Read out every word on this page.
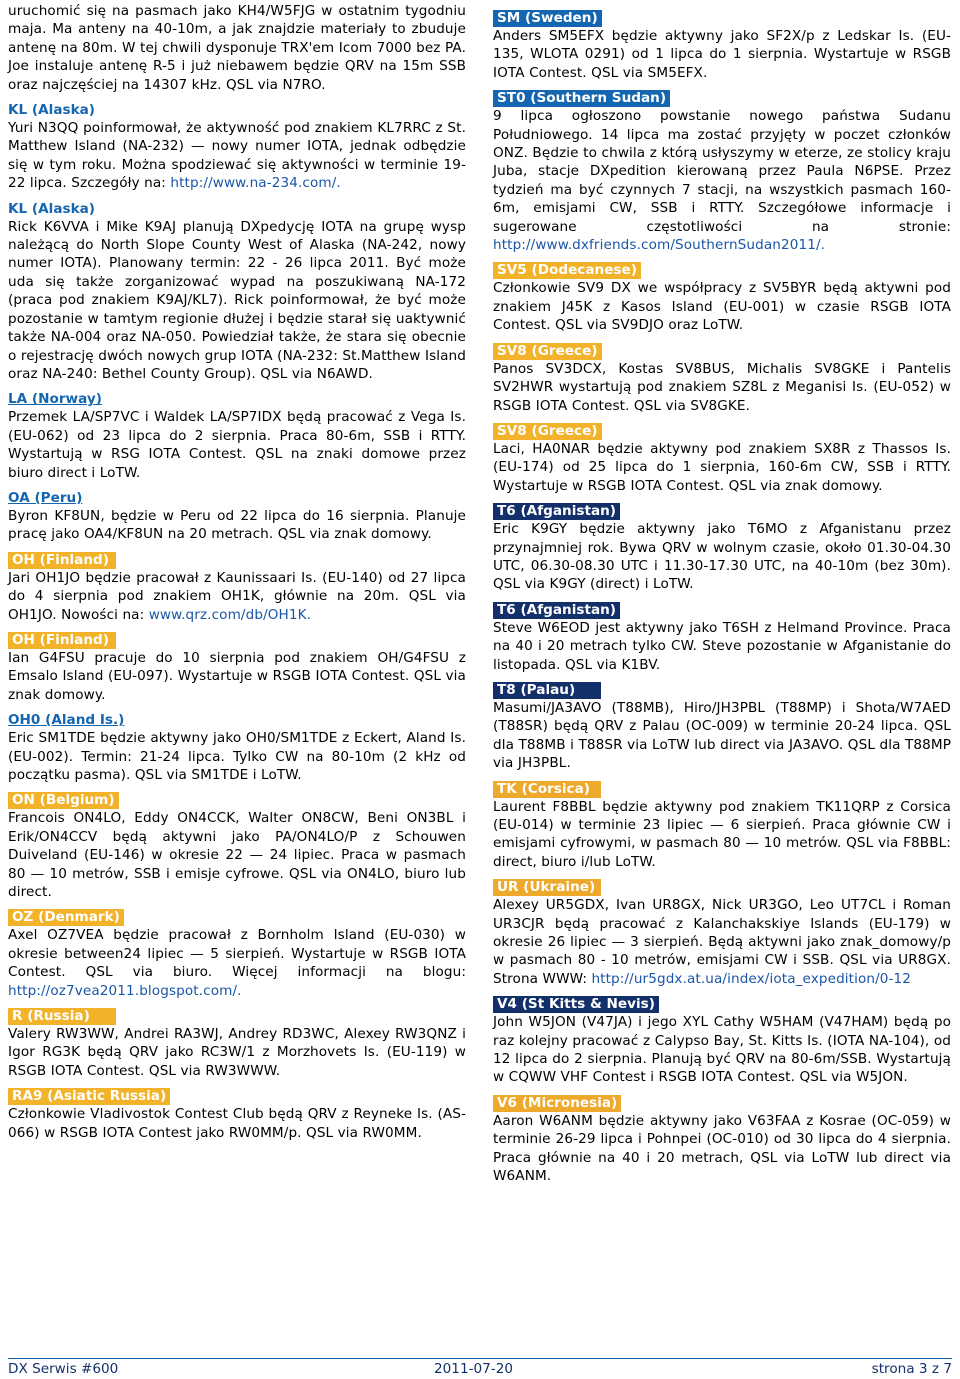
uruchomić się na pasmach jako KH4/W5FJG w ostatnim tygodniu maja. Ma anteny na 40-10m, a jak znajdzie materiały to zbuduje antenę na 80m. W tej chwili dysponuje TRX'em Icom 7000 bez PA. Joe instaluje antenę R-5 i już niebawem będzie QRV na 15m SSB oraz najczęściej na 14307 kHz. QSL via N7RO.

KL (Alaska)

Yuri N3QQ poinformował, że aktywność pod znakiem KL7RRC z St. Matthew Island (NA-232) — nowy numer IOTA, jednak odbędzie się w tym roku. Można spodziewać się aktywności w terminie 19-22 lipca. Szczegóły na: http://www.na-234.com/.

KL (Alaska)

Rick K6VVA i Mike K9AJ planują DXpedycję IOTA na grupę wysp należącą do North Slope County West of Alaska (NA-242, nowy numer IOTA). Planowany termin: 22 - 26 lipca 2011. Być może uda się także zorganizować wypad na poszukiwaną NA-172 (praca pod znakiem K9AJ/KL7). Rick poinformował, że być może pozostanie w tamtym regionie dłużej i będzie starał się uaktywnić także NA-004 oraz NA-050. Powiedział także, że stara się obecnie o rejestrację dwóch nowych grup IOTA (NA-232: St.Matthew Island oraz NA-240: Bethel County Group). QSL via N6AWD.

LA (Norway)

Przemek LA/SP7VC i Waldek LA/SP7IDX będą pracować z Vega Is. (EU-062) od 23 lipca do 2 sierpnia. Praca 80-6m, SSB i RTTY. Wystartują w RSG IOTA Contest. QSL na znaki domowe przez biuro direct i LoTW.

OA (Peru)

Byron KF8UN, będzie w Peru od 22 lipca do 16 sierpnia. Planuje pracę jako OA4/KF8UN na 20 metrach. QSL via znak domowy.

OH (Finland)

Jari OH1JO będzie pracował z Kaunissaari Is. (EU-140) od 27 lipca do 4 sierpnia pod znakiem OH1K, głównie na 20m. QSL via OH1JO. Nowości na: www.qrz.com/db/OH1K.

OH (Finland)

Ian G4FSU pracuje do 10 sierpnia pod znakiem OH/G4FSU z Emsalo Island (EU-097). Wystartuje w RSGB IOTA Contest. QSL via znak domowy.

OH0 (Aland Is.)

Eric SM1TDE będzie aktywny jako OH0/SM1TDE z Eckert, Aland Is. (EU-002). Termin: 21-24 lipca. Tylko CW na 80-10m (2 kHz od początku pasma). QSL via SM1TDE i LoTW.

ON (Belgium)

Francois ON4LO, Eddy ON4CCK, Walter ON8CW, Beni ON3BL i Erik/ON4CCV będą aktywni jako PA/ON4LO/P z Schouwen Duiveland (EU-146) w okresie 22 — 24 lipiec. Praca w pasmach 80 — 10 metrów, SSB i emisje cyfrowe. QSL via ON4LO, biuro lub direct.

OZ (Denmark)

Axel OZ7VEA będzie pracował z Bornholm Island (EU-030) w okresie between24 lipiec — 5 sierpień. Wystartuje w RSGB IOTA Contest. QSL via biuro. Więcej informacji na blogu: http://oz7vea2011.blogspot.com/.

R (Russia)

Valery RW3WW, Andrei RA3WJ, Andrey RD3WC, Alexey RW3QNZ i Igor RG3K będą QRV jako RC3W/1 z Morzhovets Is. (EU-119) w RSGB IOTA Contest. QSL via RW3WWW.

RA9 (Asiatic Russia)

Członkowie Vladivostok Contest Club będą QRV z Reyneke Is. (AS-066) w RSGB IOTA Contest jako RW0MM/p. QSL via RW0MM.

SM (Sweden)

Anders SM5EFX będzie aktywny jako SF2X/p z Ledskar Is. (EU-135, WLOTA 0291) od 1 lipca do 1 sierpnia. Wystartuje w RSGB IOTA Contest. QSL via SM5EFX.

ST0 (Southern Sudan)

9 lipca ogłoszono powstanie nowego państwa Sudanu Południowego. 14 lipca ma zostać przyjęty w poczet członków ONZ. Będzie to chwila z którą usłyszymy w eterze, ze stolicy kraju Juba, stacje DXpedition kierowaną przez Paula N6PSE. Przez tydzień ma być czynnych 7 stacji, na wszystkich pasmach 160-6m, emisjami CW, SSB i RTTY. Szczegółowe informacje i sugerowane częstotliwości na stronie: http://www.dxfriends.com/SouthernSudan2011/.

SV5 (Dodecanese)

Członkowie SV9 DX we współpracy z SV5BYR będą aktywni pod znakiem J45K z Kasos Island (EU-001) w czasie RSGB IOTA Contest. QSL via SV9DJO oraz LoTW.

SV8 (Greece)

Panos SV3DCX, Kostas SV8BUS, Michalis SV8GKE i Pantelis SV2HWR wystartują pod znakiem SZ8L z Meganisi Is. (EU-052) w RSGB IOTA Contest. QSL via SV8GKE.

SV8 (Greece)

Laci, HA0NAR będzie aktywny pod znakiem SX8R z Thassos Is. (EU-174) od 25 lipca do 1 sierpnia, 160-6m CW, SSB i RTTY. Wystartuje w RSGB IOTA Contest. QSL via znak domowy.

T6 (Afganistan)

Eric K9GY będzie aktywny jako T6MO z Afganistanu przez przynajmniej rok. Bywa QRV w wolnym czasie, około 01.30-04.30 UTC, 06.30-08.30 UTC i 11.30-17.30 UTC, na 40-10m (bez 30m). QSL via K9GY (direct) i LoTW.

T6 (Afganistan)

Steve W6EOD jest aktywny jako T6SH z Helmand Province. Praca na 40 i 20 metrach tylko CW. Steve pozostanie w Afganistanie do listopada. QSL via K1BV.

T8 (Palau)

Masumi/JA3AVO (T88MB), Hiro/JH3PBL (T88MP) i Shota/W7AED (T88SR) będą QRV z Palau (OC-009) w terminie 20-24 lipca. QSL dla T88MB i T88SR via LoTW lub direct via JA3AVO. QSL dla T88MP via JH3PBL.

TK (Corsica)

Laurent F8BBL będzie aktywny pod znakiem TK11QRP z Corsica (EU-014) w terminie 23 lipiec — 6 sierpień. Praca głównie CW i emisjami cyfrowymi, w pasmach 80 — 10 metrów. QSL via F8BBL: direct, biuro i/lub LoTW.

UR (Ukraine)

Alexey UR5GDX, Ivan UR8GX, Nick UR3GO, Leo UT7CL i Roman UR3CJR będą pracować z Kalanchakskiye Islands (EU-179) w okresie 26 lipiec — 3 sierpień. Będą aktywni jako znak_domowy/p w pasmach 80 - 10 metrów, emisjami CW i SSB. QSL via UR8GX. Strona WWW: http://ur5gdx.at.ua/index/iota_expedition/0-12

V4 (St Kitts & Nevis)

John W5JON (V47JA) i jego XYL Cathy W5HAM (V47HAM) będą po raz kolejny pracować z Calypso Bay, St. Kitts Is. (IOTA NA-104), od 12 lipca do 2 sierpnia. Planują być QRV na 80-6m/SSB. Wystartują w CQWW VHF Contest i RSGB IOTA Contest. QSL via W5JON.

V6 (Micronesia)

Aaron W6ANM będzie aktywny jako V63FAA z Kosrae (OC-059) w terminie 26-29 lipca i Pohnpei (OC-010) od 30 lipca do 4 sierpnia. Praca głównie na 40 i 20 metrach, QSL via LoTW lub direct via W6ANM.

DX Serwis #600	2011-07-20	strona 3 z 7
